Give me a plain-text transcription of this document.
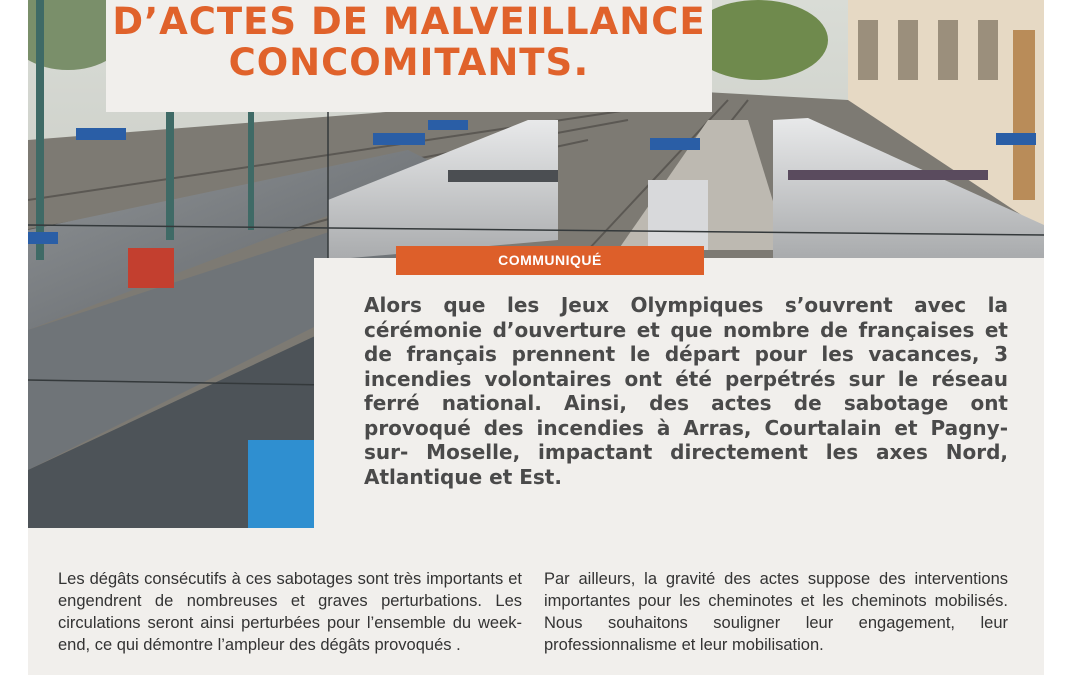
D’ACTES DE MALVEILLANCE
CONCOMITANTS.
COMMUNIQUÉ
Alors que les Jeux Olympiques s’ouvrent avec la cérémonie d’ouverture et que nombre de françaises et de français prennent le départ pour les vacances, 3 incendies volontaires ont été perpétrés sur le réseau ferré national. Ainsi, des actes de sabotage ont provoqué des incendies à Arras, Courtalain et Pagny-sur- Moselle, impactant directement les axes Nord, Atlantique et Est.
Les dégâts consécutifs à ces sabotages sont très importants et engendrent de nombreuses et graves perturbations. Les circulations seront ainsi perturbées pour l’ensemble du week-end, ce qui démontre l’ampleur des dégâts provoqués .
Par ailleurs, la gravité des actes suppose des interventions importantes pour les cheminotes et les cheminots mobilisés. Nous souhaitons souligner leur engagement, leur professionnalisme et leur mobilisation.
